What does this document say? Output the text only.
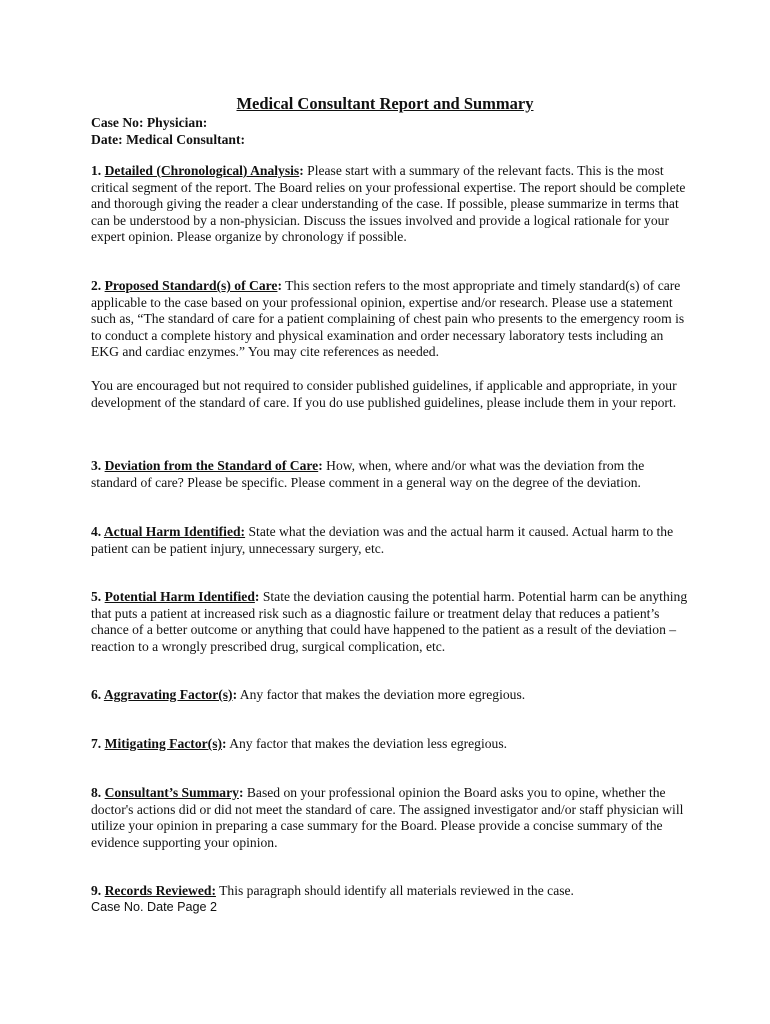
Medical Consultant Report and Summary
Case No: Physician:
Date: Medical Consultant:

1. Detailed (Chronological) Analysis: Please start with a summary of the relevant facts. This is the most critical segment of the report. The Board relies on your professional expertise. The report should be complete and thorough giving the reader a clear understanding of the case. If possible, please summarize in terms that can be understood by a non-physician. Discuss the issues involved and provide a logical rationale for your expert opinion. Please organize by chronology if possible.

2. Proposed Standard(s) of Care: This section refers to the most appropriate and timely standard(s) of care applicable to the case based on your professional opinion, expertise and/or research. Please use a statement such as, “The standard of care for a patient complaining of chest pain who presents to the emergency room is to conduct a complete history and physical examination and order necessary laboratory tests including an EKG and cardiac enzymes.” You may cite references as needed.

You are encouraged but not required to consider published guidelines, if applicable and appropriate, in your development of the standard of care. If you do use published guidelines, please include them in your report.

3. Deviation from the Standard of Care: How, when, where and/or what was the deviation from the standard of care? Please be specific. Please comment in a general way on the degree of the deviation.

4. Actual Harm Identified: State what the deviation was and the actual harm it caused. Actual harm to the patient can be patient injury, unnecessary surgery, etc.

5. Potential Harm Identified: State the deviation causing the potential harm. Potential harm can be anything that puts a patient at increased risk such as a diagnostic failure or treatment delay that reduces a patient’s chance of a better outcome or anything that could have happened to the patient as a result of the deviation – reaction to a wrongly prescribed drug, surgical complication, etc.

6. Aggravating Factor(s): Any factor that makes the deviation more egregious.

7. Mitigating Factor(s): Any factor that makes the deviation less egregious.

8. Consultant’s Summary: Based on your professional opinion the Board asks you to opine, whether the doctor's actions did or did not meet the standard of care. The assigned investigator and/or staff physician will utilize your opinion in preparing a case summary for the Board. Please provide a concise summary of the evidence supporting your opinion.

9. Records Reviewed: This paragraph should identify all materials reviewed in the case.

Case No. Date Page 2
